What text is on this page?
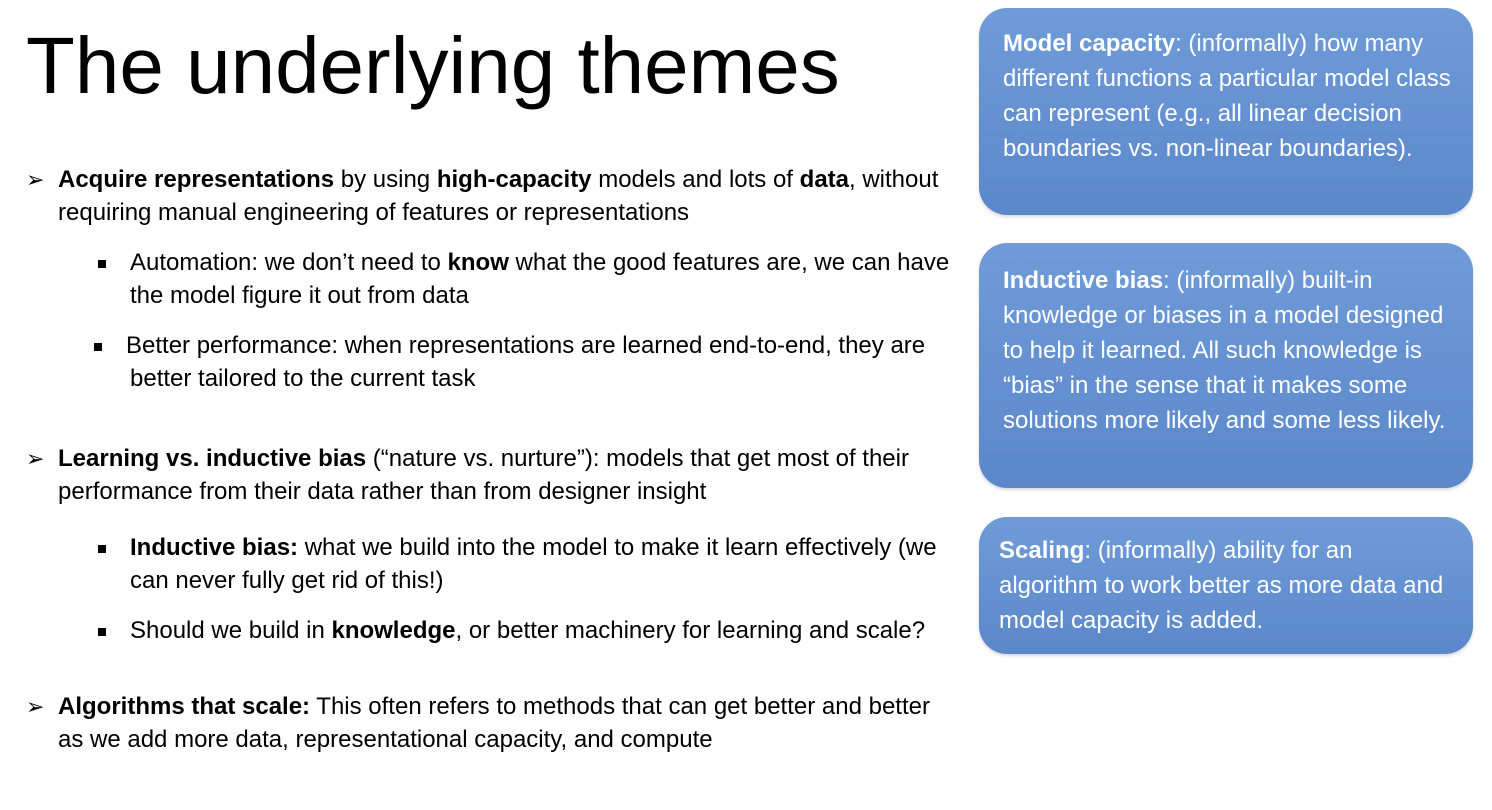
The underlying themes
➢ Acquire representations by using high-capacity models and lots of data, without requiring manual engineering of features or representations
Automation: we don’t need to know what the good features are, we can have the model figure it out from data
Better performance: when representations are learned end-to-end, they are better tailored to the current task
➢ Learning vs. inductive bias (“nature vs. nurture”): models that get most of their performance from their data rather than from designer insight
Inductive bias: what we build into the model to make it learn effectively (we can never fully get rid of this!)
Should we build in knowledge, or better machinery for learning and scale?
➢ Algorithms that scale: This often refers to methods that can get better and better as we add more data, representational capacity, and compute
Model capacity: (informally) how many different functions a particular model class can represent (e.g., all linear decision boundaries vs. non-linear boundaries).
Inductive bias: (informally) built-in knowledge or biases in a model designed to help it learned. All such knowledge is “bias” in the sense that it makes some solutions more likely and some less likely.
Scaling: (informally) ability for an algorithm to work better as more data and model capacity is added.
